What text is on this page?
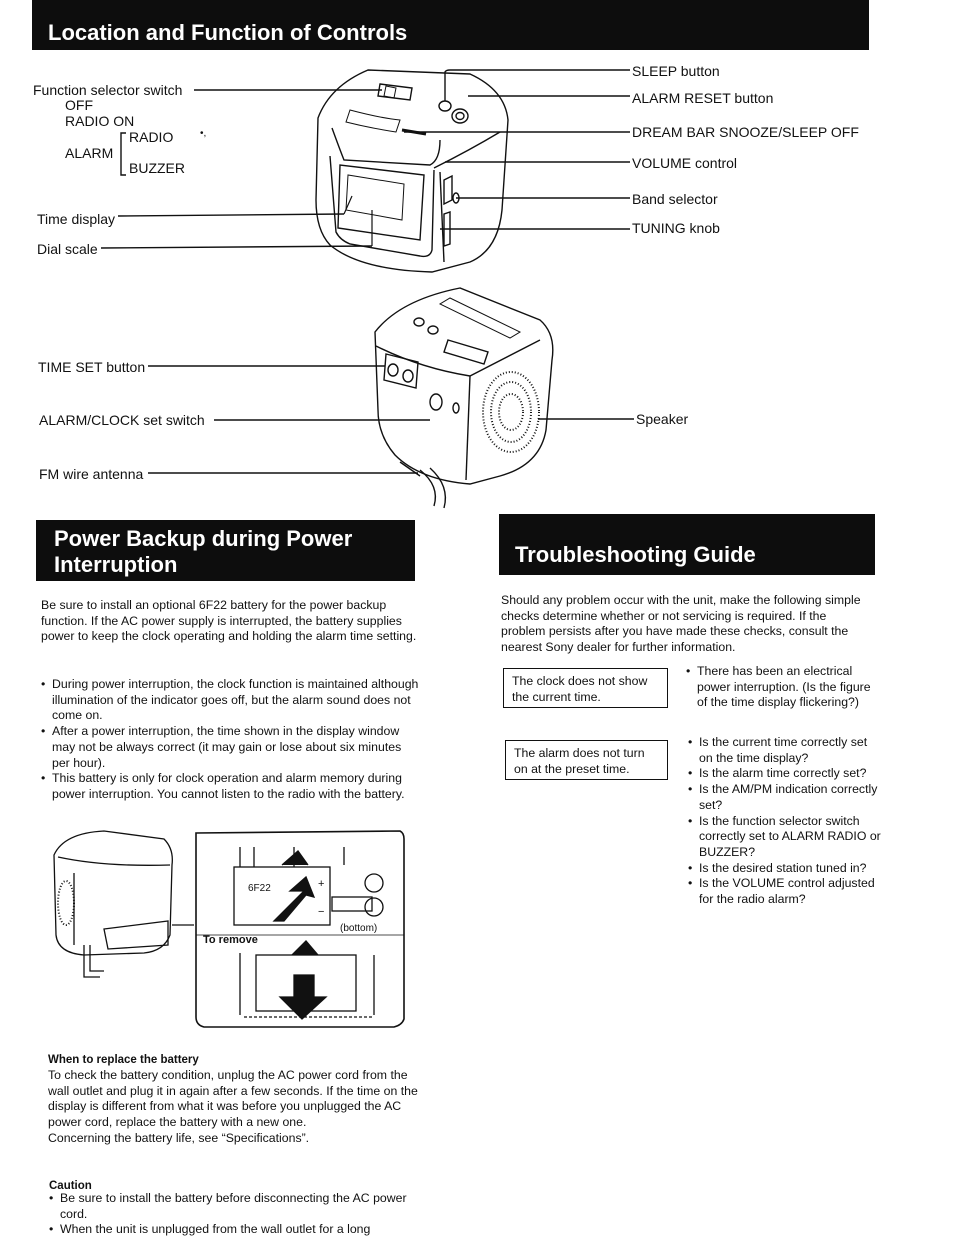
Location and Function of Controls
•,
Function selector switch
OFF
RADIO ON
RADIO
ALARM
BUZZER
Time display
Dial scale
SLEEP button
ALARM RESET button
DREAM BAR SNOOZE/SLEEP OFF
VOLUME control
Band selector
TUNING knob
TIME SET button
ALARM/CLOCK set switch
FM wire antenna
Speaker
Power Backup during Power
Interruption

Be sure to install an optional 6F22 battery for the power backup function. If the AC power supply is interrupted, the battery supplies power to keep the clock operating and holding the alarm time setting.

• During power interruption, the clock function is maintained although illumination of the indicator goes off, but the alarm sound does not come on.
• After a power interruption, the time shown in the display window may not be always correct (it may gain or lose about six minutes per hour).
• This battery is only for clock operation and alarm memory during power interruption. You cannot listen to the radio with the battery.
6F22	+
−
(bottom)
To remove
When to replace the battery

To check the battery condition, unplug the AC power cord from the wall outlet and plug it in again after a few seconds. If the time on the display is different from what it was before you unplugged the AC power cord, replace the battery with a new one.

Concerning the battery life, see “Specifications”.

Caution
• Be sure to install the battery before disconnecting the AC power cord.
• When the unit is unplugged from the wall outlet for a long
Troubleshooting Guide

Should any problem occur with the unit, make the following simple checks determine whether or not servicing is required. If the problem persists after you have made these checks, consult the nearest Sony dealer for further information.

The clock does not show the current time.
• There has been an electrical power interruption. (Is the figure of the time display flickering?)
The alarm does not turn on at the preset time.
• Is the current time correctly set on the time display?
• Is the alarm time correctly set?
• Is the AM/PM indication correctly set?
• Is the function selector switch correctly set to ALARM RADIO or BUZZER?
• Is the desired station tuned in?
• Is the VOLUME control adjusted for the radio alarm?
